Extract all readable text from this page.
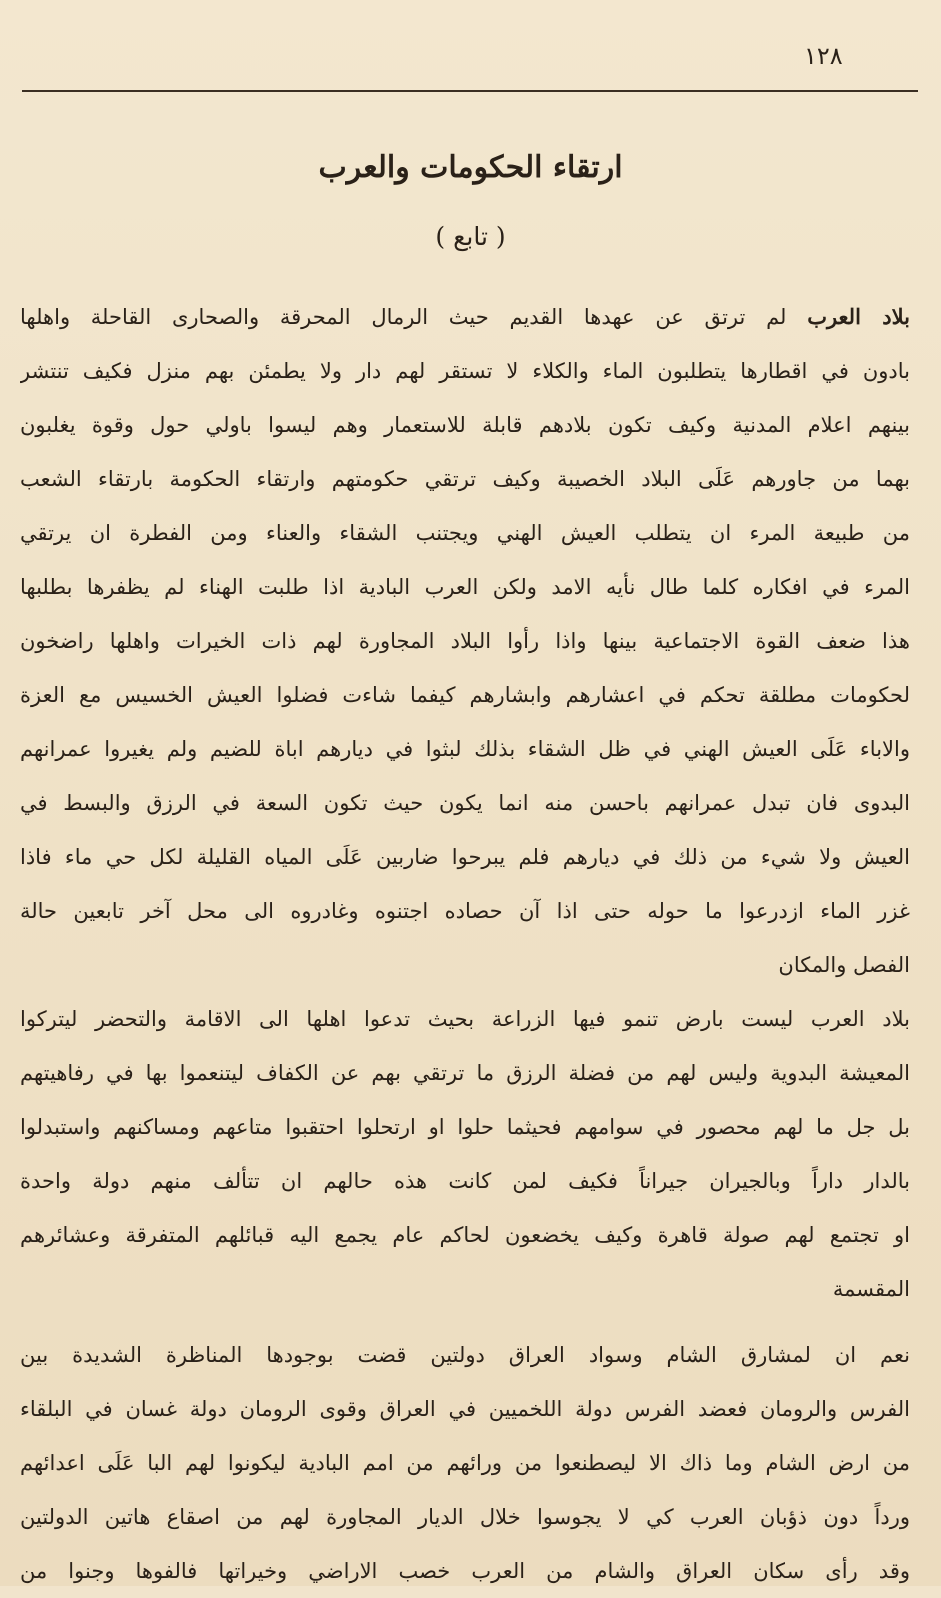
١٢٨
ارتقاء الحكومات والعرب
( تابع )
بلاد العرب لم ترتق عن عهدها القديم حيث الرمال المحرقة والصحارى القاحلة واهلها
بادون في اقطارها يتطلبون الماء والكلاء لا تستقر لهم دار ولا يطمئن بهم منزل فكيف تنتشر
بينهم اعلام المدنية وكيف تكون بلادهم قابلة للاستعمار وهم ليسوا باولي حول وقوة يغلبون
بهما من جاورهم عَلَى البلاد الخصيبة وكيف ترتقي حكومتهم وارتقاء الحكومة بارتقاء الشعب
من طبيعة المرء ان يتطلب العيش الهني ويجتنب الشقاء والعناء ومن الفطرة ان يرتقي
المرء في افكاره كلما طال نأيه الامد ولكن العرب البادية اذا طلبت الهناء لم يظفرها بطلبها
هذا ضعف القوة الاجتماعية بينها واذا رأوا البلاد المجاورة لهم ذات الخيرات واهلها راضخون
لحكومات مطلقة تحكم في اعشارهم وابشارهم كيفما شاءت فضلوا العيش الخسيس مع العزة
والاباء عَلَى العيش الهني في ظل الشقاء بذلك لبثوا في ديارهم اباة للضيم ولم يغيروا عمرانهم
البدوى فان تبدل عمرانهم باحسن منه انما يكون حيث تكون السعة في الرزق والبسط في
العيش ولا شيء من ذلك في ديارهم فلم يبرحوا ضاربين عَلَى المياه القليلة لكل حي ماء فاذا
غزر الماء ازدرعوا ما حوله حتى اذا آن حصاده اجتنوه وغادروه الى محل آخر تابعين حالة
الفصل والمكان
بلاد العرب ليست بارض تنمو فيها الزراعة بحيث تدعوا اهلها الى الاقامة والتحضر ليتركوا
المعيشة البدوية وليس لهم من فضلة الرزق ما ترتقي بهم عن الكفاف ليتنعموا بها في رفاهيتهم
بل جل ما لهم محصور في سوامهم فحيثما حلوا او ارتحلوا احتقبوا متاعهم ومساكنهم واستبدلوا
بالدار داراً وبالجيران جيراناً فكيف لمن كانت هذه حالهم ان تتألف منهم دولة واحدة
او تجتمع لهم صولة قاهرة وكيف يخضعون لحاكم عام يجمع اليه قبائلهم المتفرقة وعشائرهم
المقسمة
نعم ان لمشارق الشام وسواد العراق دولتين قضت بوجودها المناظرة الشديدة بين
الفرس والرومان فعضد الفرس دولة اللخميين في العراق وقوى الرومان دولة غسان في البلقاء
من ارض الشام وما ذاك الا ليصطنعوا من ورائهم من امم البادية ليكونوا لهم البا عَلَى اعدائهم
ورداً دون ذؤبان العرب كي لا يجوسوا خلال الديار المجاورة لهم من اصقاع هاتين الدولتين
وقد رأى سكان العراق والشام من العرب خصب الاراضي وخيراتها فالفوها وجنوا من
